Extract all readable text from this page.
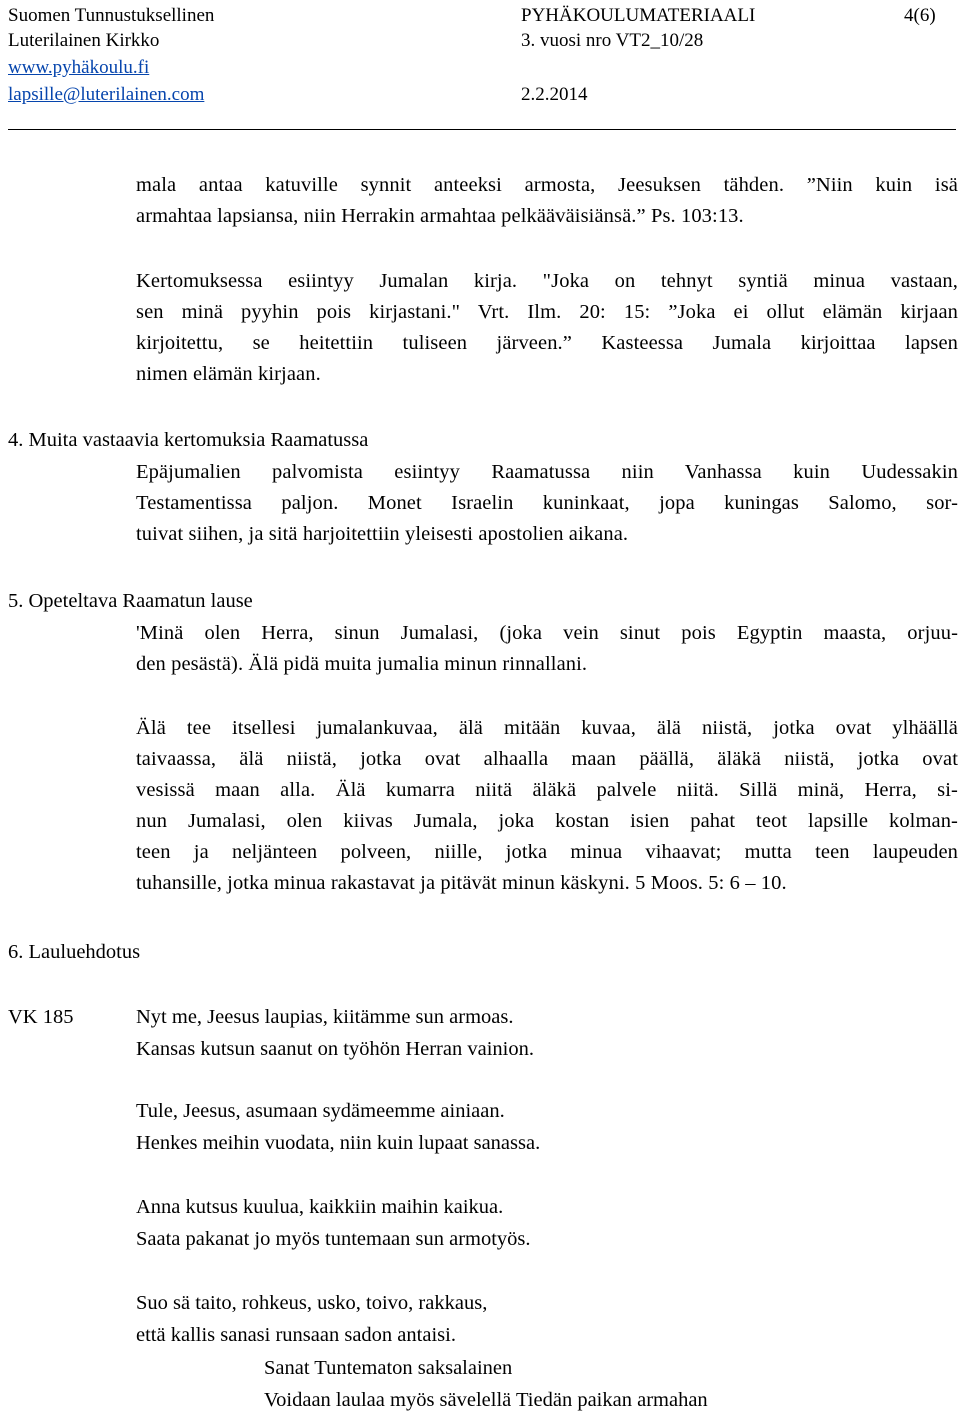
Suomen Tunnustuksellinen
Luterilainen Kirkko
www.pyhäkoulu.fi
lapsille@luterilainen.com
PYHÄKOULUMATERIAALI
3. vuosi nro VT2_10/28
2.2.2014
4(6)
mala antaa katuville synnit anteeksi armosta, Jeesuksen tähden. ”Niin kuin isä
armahtaa lapsiansa, niin Herrakin armahtaa pelkääväisiänsä.” Ps. 103:13.
Kertomuksessa esiintyy Jumalan kirja. "Joka on tehnyt syntiä minua vastaan,
sen minä pyyhin pois kirjastani." Vrt. Ilm. 20: 15: ”Joka ei ollut elämän kirjaan
kirjoitettu, se heitettiin tuliseen järveen.” Kasteessa Jumala kirjoittaa lapsen
nimen elämän kirjaan.
4. Muita vastaavia kertomuksia Raamatussa
Epäjumalien palvomista esiintyy Raamatussa niin Vanhassa kuin Uudessakin
Testamentissa paljon. Monet Israelin kuninkaat, jopa kuningas Salomo, sor-
tuivat siihen, ja sitä harjoitettiin yleisesti apostolien aikana.
5. Opeteltava Raamatun lause
'Minä olen Herra, sinun Jumalasi, (joka vein sinut pois Egyptin maasta, orjuu-
den pesästä). Älä pidä muita jumalia minun rinnallani.
Älä tee itsellesi jumalankuvaa, älä mitään kuvaa, älä niistä, jotka ovat ylhäällä
taivaassa, älä niistä, jotka ovat alhaalla maan päällä, äläkä niistä, jotka ovat
vesissä maan alla. Älä kumarra niitä äläkä palvele niitä. Sillä minä, Herra, si-
nun Jumalasi, olen kiivas Jumala, joka kostan isien pahat teot lapsille kolman-
teen ja neljänteen polveen, niille, jotka minua vihaavat; mutta teen laupeuden
tuhansille, jotka minua rakastavat ja pitävät minun käskyni. 5 Moos. 5: 6 – 10.
6. Lauluehdotus
VK 185	Nyt me, Jeesus laupias, kiitämme sun armoas.
Kansas kutsun saanut on työhön Herran vainion.
Tule, Jeesus, asumaan sydämeemme ainiaan.
Henkes meihin vuodata, niin kuin lupaat sanassa.
Anna kutsus kuulua, kaikkiin maihin kaikua.
Saata pakanat jo myös tuntemaan sun armotyös.
Suo sä taito, rohkeus, usko, toivo, rakkaus,
että kallis sanasi runsaan sadon antaisi.
Sanat Tuntematon saksalainen
Voidaan laulaa myös sävelellä Tiedän paikan armahan
